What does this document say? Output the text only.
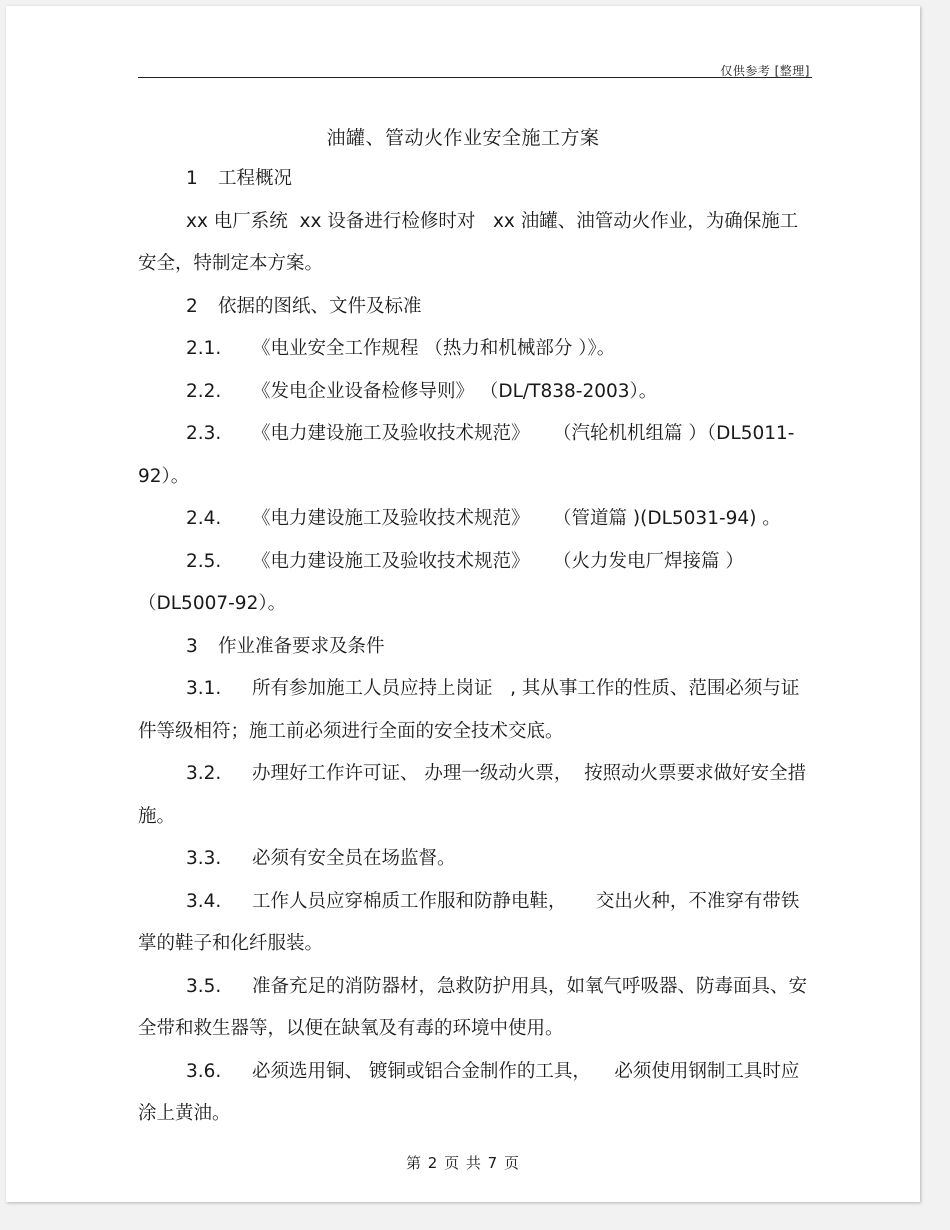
仅供参考 [整理]
油罐、管动火作业安全施工方案

1 工程概况

xx 电厂系统  xx 设备进行检修时对   xx 油罐、油管动火作业，为确保施工安全，特制定本方案。

2 依据的图纸、文件及标准

2.1. 《电业安全工作规程 （热力和机械部分 ）》。

2.2. 《发电企业设备检修导则》 （DL/T838-2003）。

2.3. 《电力建设施工及验收技术规范》    （汽轮机机组篇 ）（DL5011-92）。

2.4. 《电力建设施工及验收技术规范》    （管道篇 )(DL5031-94) 。

2.5. 《电力建设施工及验收技术规范》    （火力发电厂焊接篇 ）（DL5007-92）。

3 作业准备要求及条件

3.1. 所有参加施工人员应持上岗证   , 其从事工作的性质、范围必须与证件等级相符；施工前必须进行全面的安全技术交底。

3.2. 办理好工作许可证、 办理一级动火票，  按照动火票要求做好安全措施。

3.3. 必须有安全员在场监督。

3.4. 工作人员应穿棉质工作服和防静电鞋，     交出火种，不准穿有带铁掌的鞋子和化纤服装。

3.5. 准备充足的消防器材，急救防护用具，如氧气呼吸器、防毒面具、安全带和救生器等，以便在缺氧及有毒的环境中使用。

3.6. 必须选用铜、 镀铜或铝合金制作的工具，    必须使用钢制工具时应涂上黄油。

第 2 页 共 7 页
